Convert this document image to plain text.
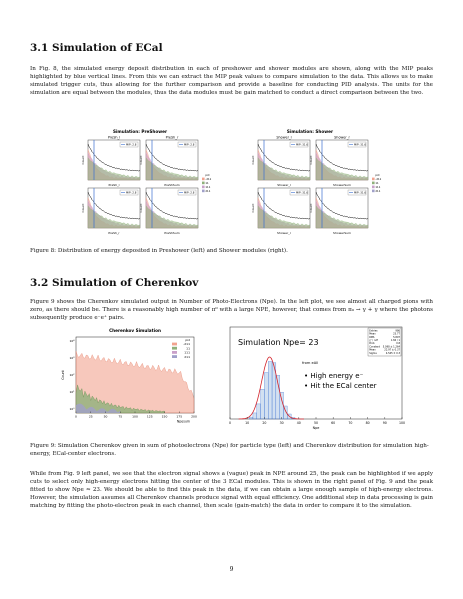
3.1 Simulation of ECal
In Fig. 8, the simulated energy deposit distribution in each of preshower and shower modules are shown, along with the MIP peaks highlighted by blue vertical lines. From this we can extract the MIP peak values to compare simulation to the data. This allows us to make simulated trigger cuts, thus allowing for the further comparison and provide a baseline for conducting PID analysis. The units for the simulation are equal between the modules, thus the data modules must be gain matched to conduct a direct comparison between the two.
Simulation: PreShower
PreSh_l
MIP: 2.8
PreSh_l
Count
PreSh_r
MIP: 2.8
PreShSum
Count
MIP: 2.8
PreSh_r
Count
MIP: 2.8
PreShSum
Count
pid
-211
11
111
211
Simulation: Shower
Shower_l
MIP: 31.6
Shower_l
Count
Shower_r
MIP: 31.6
ShowerSum
Count
MIP: 31.6
Shower_r
Count
MIP: 31.6
ShowerSum
Count
pid
-211
11
111
211
Figure 8: Distribution of energy deposited in Preshower (left) and Shower modules (right).
3.2 Simulation of Cherenkov
Figure 9 shows the Cherenkov simulated output in Number of Photo-Electrons (Npe). In the left plot, we see almost all charged pions with zero, as there should be. There is a reasonably high number of π⁰ with a large NPE, however, that comes from π₀ → γ + γ where the photons subsequently produce e⁻e⁺ pairs.
Cherenkov Simulation
0	25	50	75	100	125	150	175	200
10⁴
10³
10²
10¹
10⁰
Npesum
Count
pid
-211
11
111
211
Simulation Npe= 23
from eAll
• High energy e⁻
• Hit the ECal center
Entries	986
Mean	23.77
RMS	5.897
χ² / ndf	1.84 / 1
Prob	0.8
Constant 5.098 ± 1.264
Mean	22.97 ± 0.37
Sigma	4.545 ± 0.3
0	10	20	30	40	50	60	70	80	90	100
Npe
Figure 9: Simulation Cherenkov given in sum of photoelectrons (Npe) for particle type (left) and Cherenkov distribution for simulation high-energy, ECal-center electrons.
While from Fig. 9 left panel, we see that the electron signal shows a (vague) peak in NPE around 25, the peak can be highlighted if we apply cuts to select only high-energy electrons hitting the center of the 3 ECal modules. This is shown in the right panel of Fig. 9 and the peak fitted to show Npe ≈ 23. We should be able to find this peak in the data, if we can obtain a large enough sample of high-energy electrons. However, the simulation assumes all Cherenkov channels produce signal with equal efficiency. One additional step in data processing is gain matching by fitting the photo-electron peak in each channel, then scale (gain-match) the data in order to compare it to the simulation.
9
